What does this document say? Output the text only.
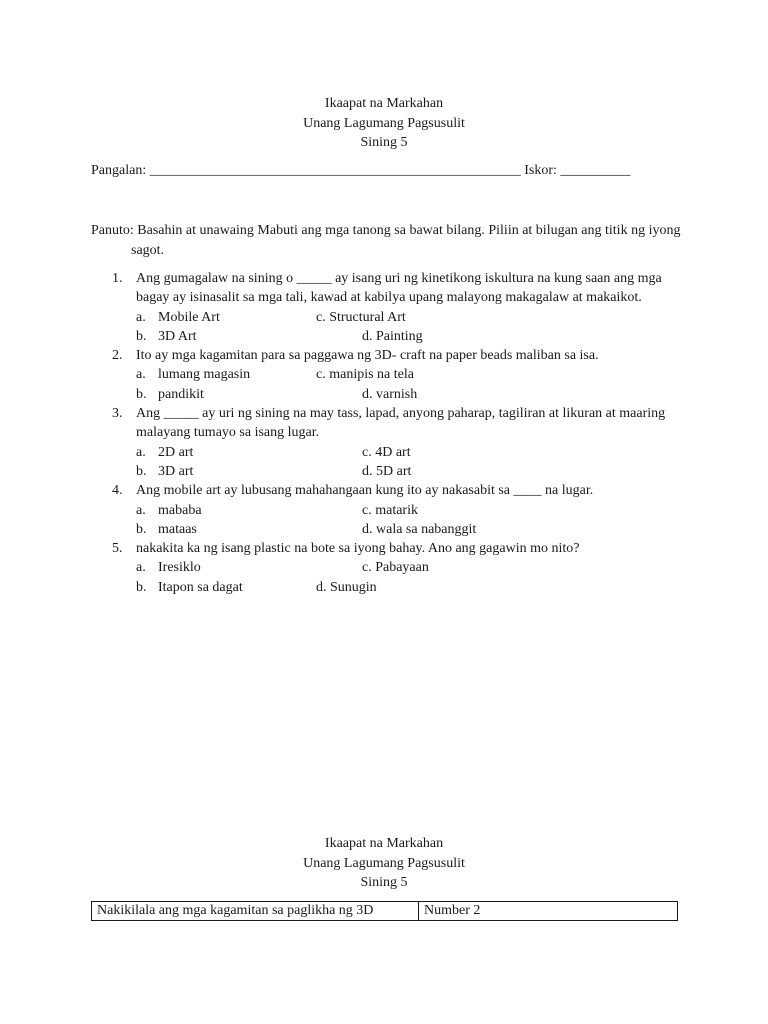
Ikaapat na Markahan
Unang Lagumang Pagsusulit
Sining 5
Pangalan: _____________________________________________________ Iskor: __________
Panuto: Basahin at unawaing Mabuti ang mga tanong sa bawat bilang. Piliin at bilugan ang titik ng iyongsagot.
1. Ang gumagalaw na sining o _____ ay isang uri ng kinetikong iskultura na kung saan ang mga bagay ay isinasalit sa mga tali, kawad at kabilya upang malayong makagalaw at makaikot.
a. Mobile Art	c. Structural Art
b. 3D Art	d. Painting
2. Ito ay mga kagamitan para sa paggawa ng 3D- craft na paper beads maliban sa isa.
a. lumang magasin	c. manipis na tela
b. pandikit	d. varnish
3. Ang _____ ay uri ng sining na may tass, lapad, anyong paharap, tagiliran at likuran at maaring malayang tumayo sa isang lugar.
a. 2D art	c. 4D art
b. 3D art	d. 5D art
4. Ang mobile art ay lubusang mahahangaan kung ito ay nakasabit sa ____ na lugar.
a. mababa	c. matarik
b. mataas	d. wala sa nabanggit
5. nakakita ka ng isang plastic na bote sa iyong bahay. Ano ang gagawin mo nito?
a. Iresiklo	c. Pabayaan
b. Itapon sa dagat	d. Sunugin
Ikaapat na Markahan
Unang Lagumang Pagsusulit
Sining 5
Nakikilala ang mga kagamitan sa paglikha ng 3D	Number 2
